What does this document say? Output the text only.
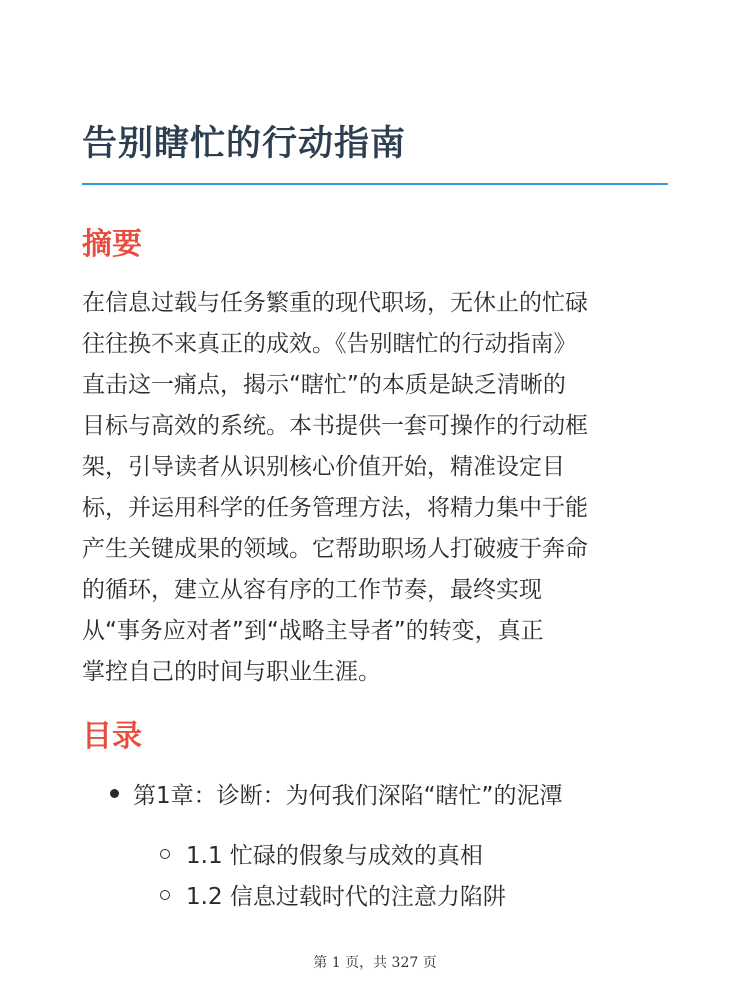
告别瞎忙的行动指南
摘要
在信息过载与任务繁重的现代职场，无休止的忙碌
往往换不来真正的成效。《告别瞎忙的行动指南》
直击这一痛点，揭示“瞎忙”的本质是缺乏清晰的
目标与高效的系统。本书提供一套可操作的行动框
架，引导读者从识别核心价值开始，精准设定目
标，并运用科学的任务管理方法，将精力集中于能
产生关键成果的领域。它帮助职场人打破疲于奔命
的循环，建立从容有序的工作节奏，最终实现
从“事务应对者”到“战略主导者”的转变，真正
掌控自己的时间与职业生涯。
目录
第1章：诊断：为何我们深陷“瞎忙”的泥潭
1.1 忙碌的假象与成效的真相
1.2 信息过载时代的注意力陷阱
第 1 页，共 327 页
